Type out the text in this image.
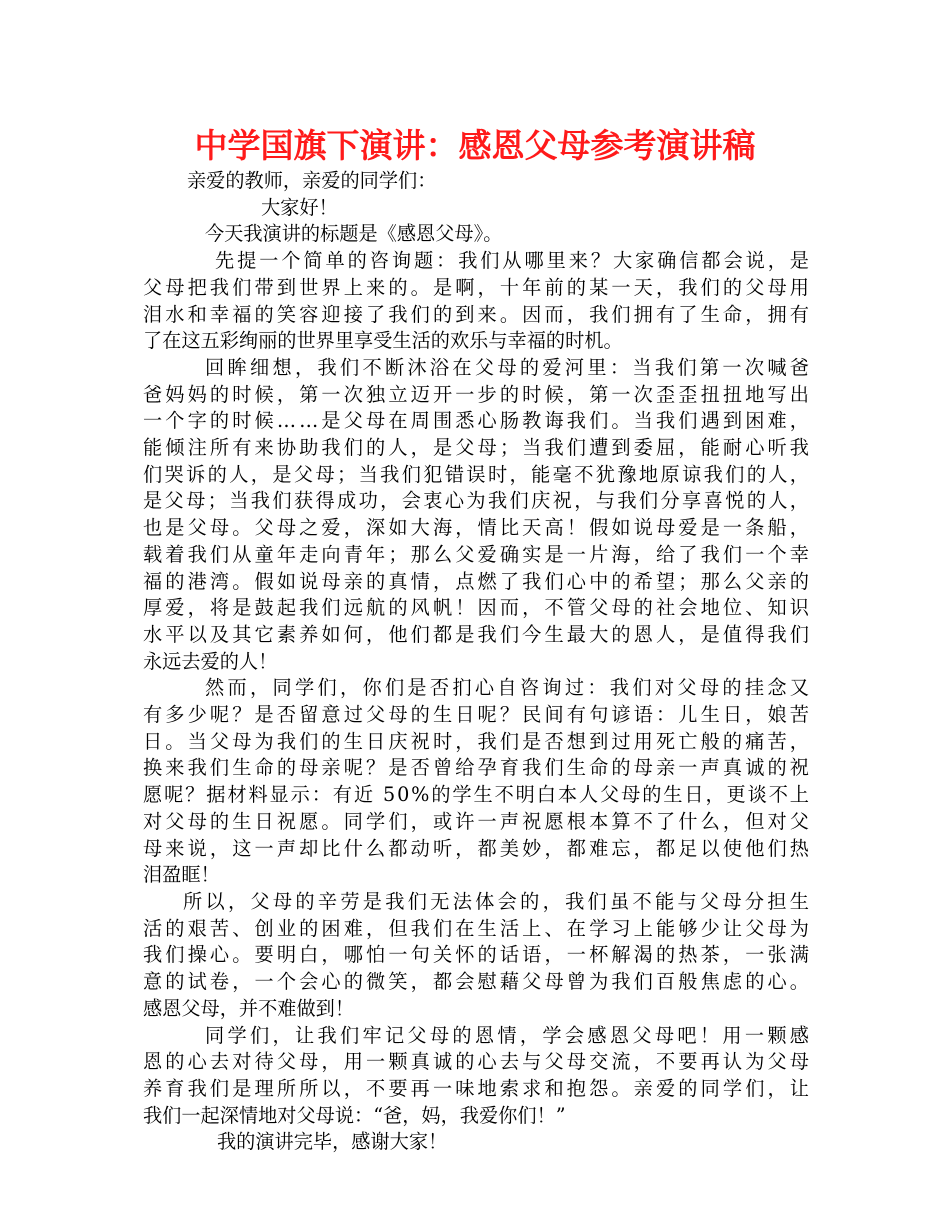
中学国旗下演讲：感恩父母参考演讲稿
亲爱的教师，亲爱的同学们：
大家好！
今天我演讲的标题是《感恩父母》。
先提一个简单的咨询题：我们从哪里来？大家确信都会说，是
父母把我们带到世界上来的。是啊，十年前的某一天，我们的父母用
泪水和幸福的笑容迎接了我们的到来。因而，我们拥有了生命，拥有
了在这五彩绚丽的世界里享受生活的欢乐与幸福的时机。
回眸细想，我们不断沐浴在父母的爱河里：当我们第一次喊爸
爸妈妈的时候，第一次独立迈开一步的时候，第一次歪歪扭扭地写出
一个字的时候……是父母在周围悉心肠教诲我们。当我们遇到困难，
能倾注所有来协助我们的人，是父母；当我们遭到委屈，能耐心听我
们哭诉的人，是父母；当我们犯错误时，能毫不犹豫地原谅我们的人，
是父母；当我们获得成功，会衷心为我们庆祝，与我们分享喜悦的人，
也是父母。父母之爱，深如大海，情比天高！假如说母爱是一条船，
载着我们从童年走向青年；那么父爱确实是一片海，给了我们一个幸
福的港湾。假如说母亲的真情，点燃了我们心中的希望；那么父亲的
厚爱，将是鼓起我们远航的风帆！因而，不管父母的社会地位、知识
水平以及其它素养如何，他们都是我们今生最大的恩人，是值得我们
永远去爱的人！
然而，同学们，你们是否扪心自咨询过：我们对父母的挂念又
有多少呢？是否留意过父母的生日呢？民间有句谚语：儿生日，娘苦
日。当父母为我们的生日庆祝时，我们是否想到过用死亡般的痛苦，
换来我们生命的母亲呢？是否曾给孕育我们生命的母亲一声真诚的祝
愿呢？据材料显示：有近 50%的学生不明白本人父母的生日，更谈不上
对父母的生日祝愿。同学们，或许一声祝愿根本算不了什么，但对父
母来说，这一声却比什么都动听，都美妙，都难忘，都足以使他们热
泪盈眶！
所以，父母的辛劳是我们无法体会的，我们虽不能与父母分担生
活的艰苦、创业的困难，但我们在生活上、在学习上能够少让父母为
我们操心。要明白，哪怕一句关怀的话语，一杯解渴的热茶，一张满
意的试卷，一个会心的微笑，都会慰藉父母曾为我们百般焦虑的心。
感恩父母，并不难做到！
同学们，让我们牢记父母的恩情，学会感恩父母吧！用一颗感
恩的心去对待父母，用一颗真诚的心去与父母交流，不要再认为父母
养育我们是理所所以，不要再一味地索求和抱怨。亲爱的同学们，让
我们一起深情地对父母说：“爸，妈，我爱你们！”
我的演讲完毕，感谢大家！
